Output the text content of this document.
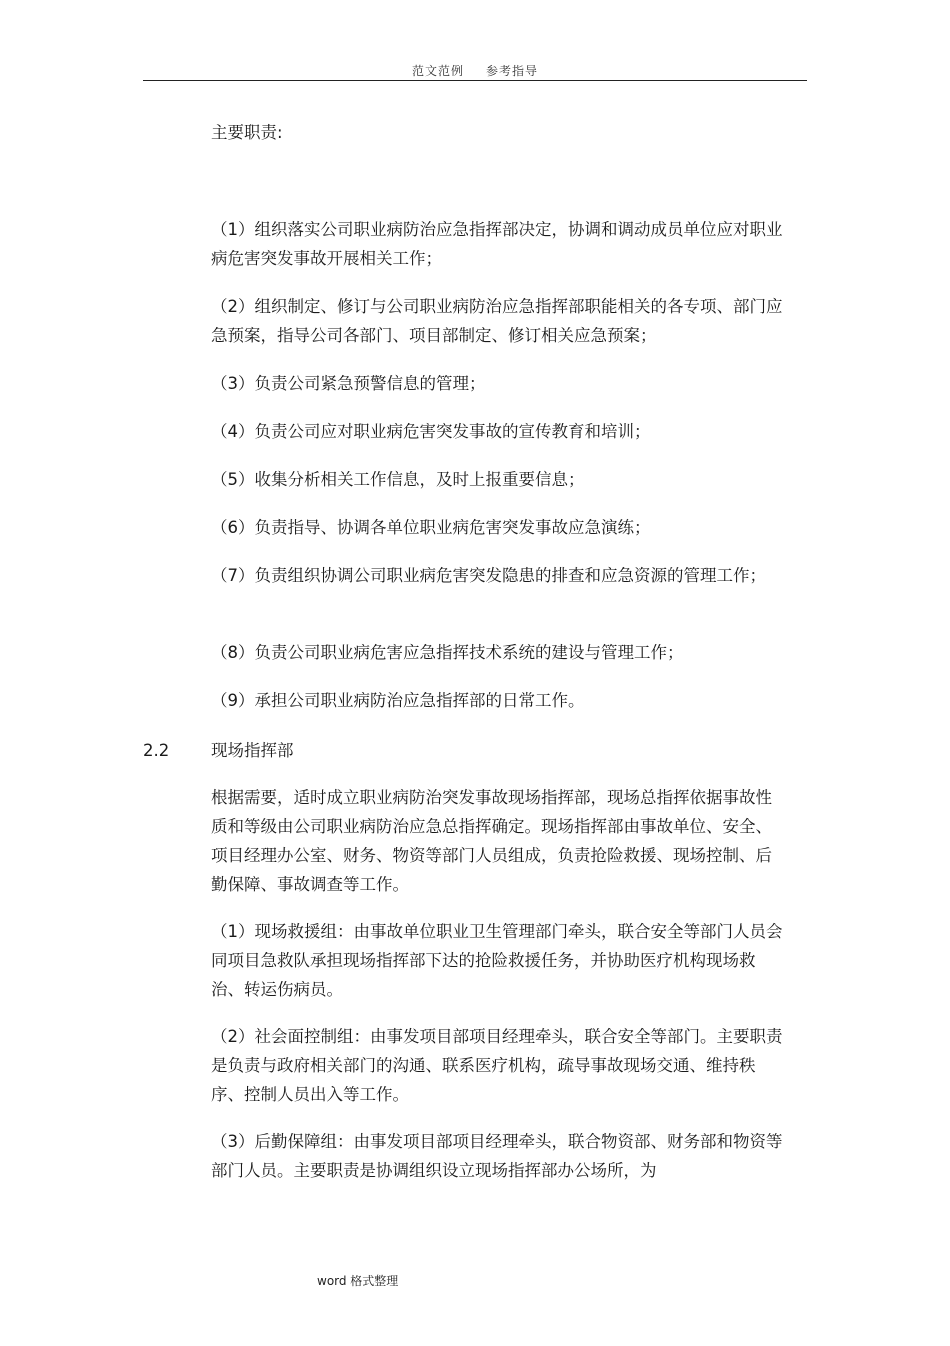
范文范例 参考指导

主要职责:

（1）组织落实公司职业病防治应急指挥部决定，协调和调动成员单位应对职业病危害突发事故开展相关工作；

（2）组织制定、修订与公司职业病防治应急指挥部职能相关的各专项、部门应急预案，指导公司各部门、项目部制定、修订相关应急预案；

（3）负责公司紧急预警信息的管理；

（4）负责公司应对职业病危害突发事故的宣传教育和培训；

（5）收集分析相关工作信息，及时上报重要信息；

（6）负责指导、协调各单位职业病危害突发事故应急演练；

（7）负责组织协调公司职业病危害突发隐患的排查和应急资源的管理工作；

（8）负责公司职业病危害应急指挥技术系统的建设与管理工作；

（9）承担公司职业病防治应急指挥部的日常工作。

2.2	现场指挥部

根据需要，适时成立职业病防治突发事故现场指挥部，现场总指挥依据事故性质和等级由公司职业病防治应急总指挥确定。现场指挥部由事故单位、安全、项目经理办公室、财务、物资等部门人员组成，负责抢险救援、现场控制、后勤保障、事故调查等工作。

（1）现场救援组：由事故单位职业卫生管理部门牵头，联合安全等部门人员会同项目急救队承担现场指挥部下达的抢险救援任务，并协助医疗机构现场救治、转运伤病员。

（2）社会面控制组：由事发项目部项目经理牵头，联合安全等部门。主要职责是负责与政府相关部门的沟通、联系医疗机构，疏导事故现场交通、维持秩序、控制人员出入等工作。

（3）后勤保障组：由事发项目部项目经理牵头，联合物资部、财务部和物资等部门人员。主要职责是协调组织设立现场指挥部办公场所，为

word 格式整理
